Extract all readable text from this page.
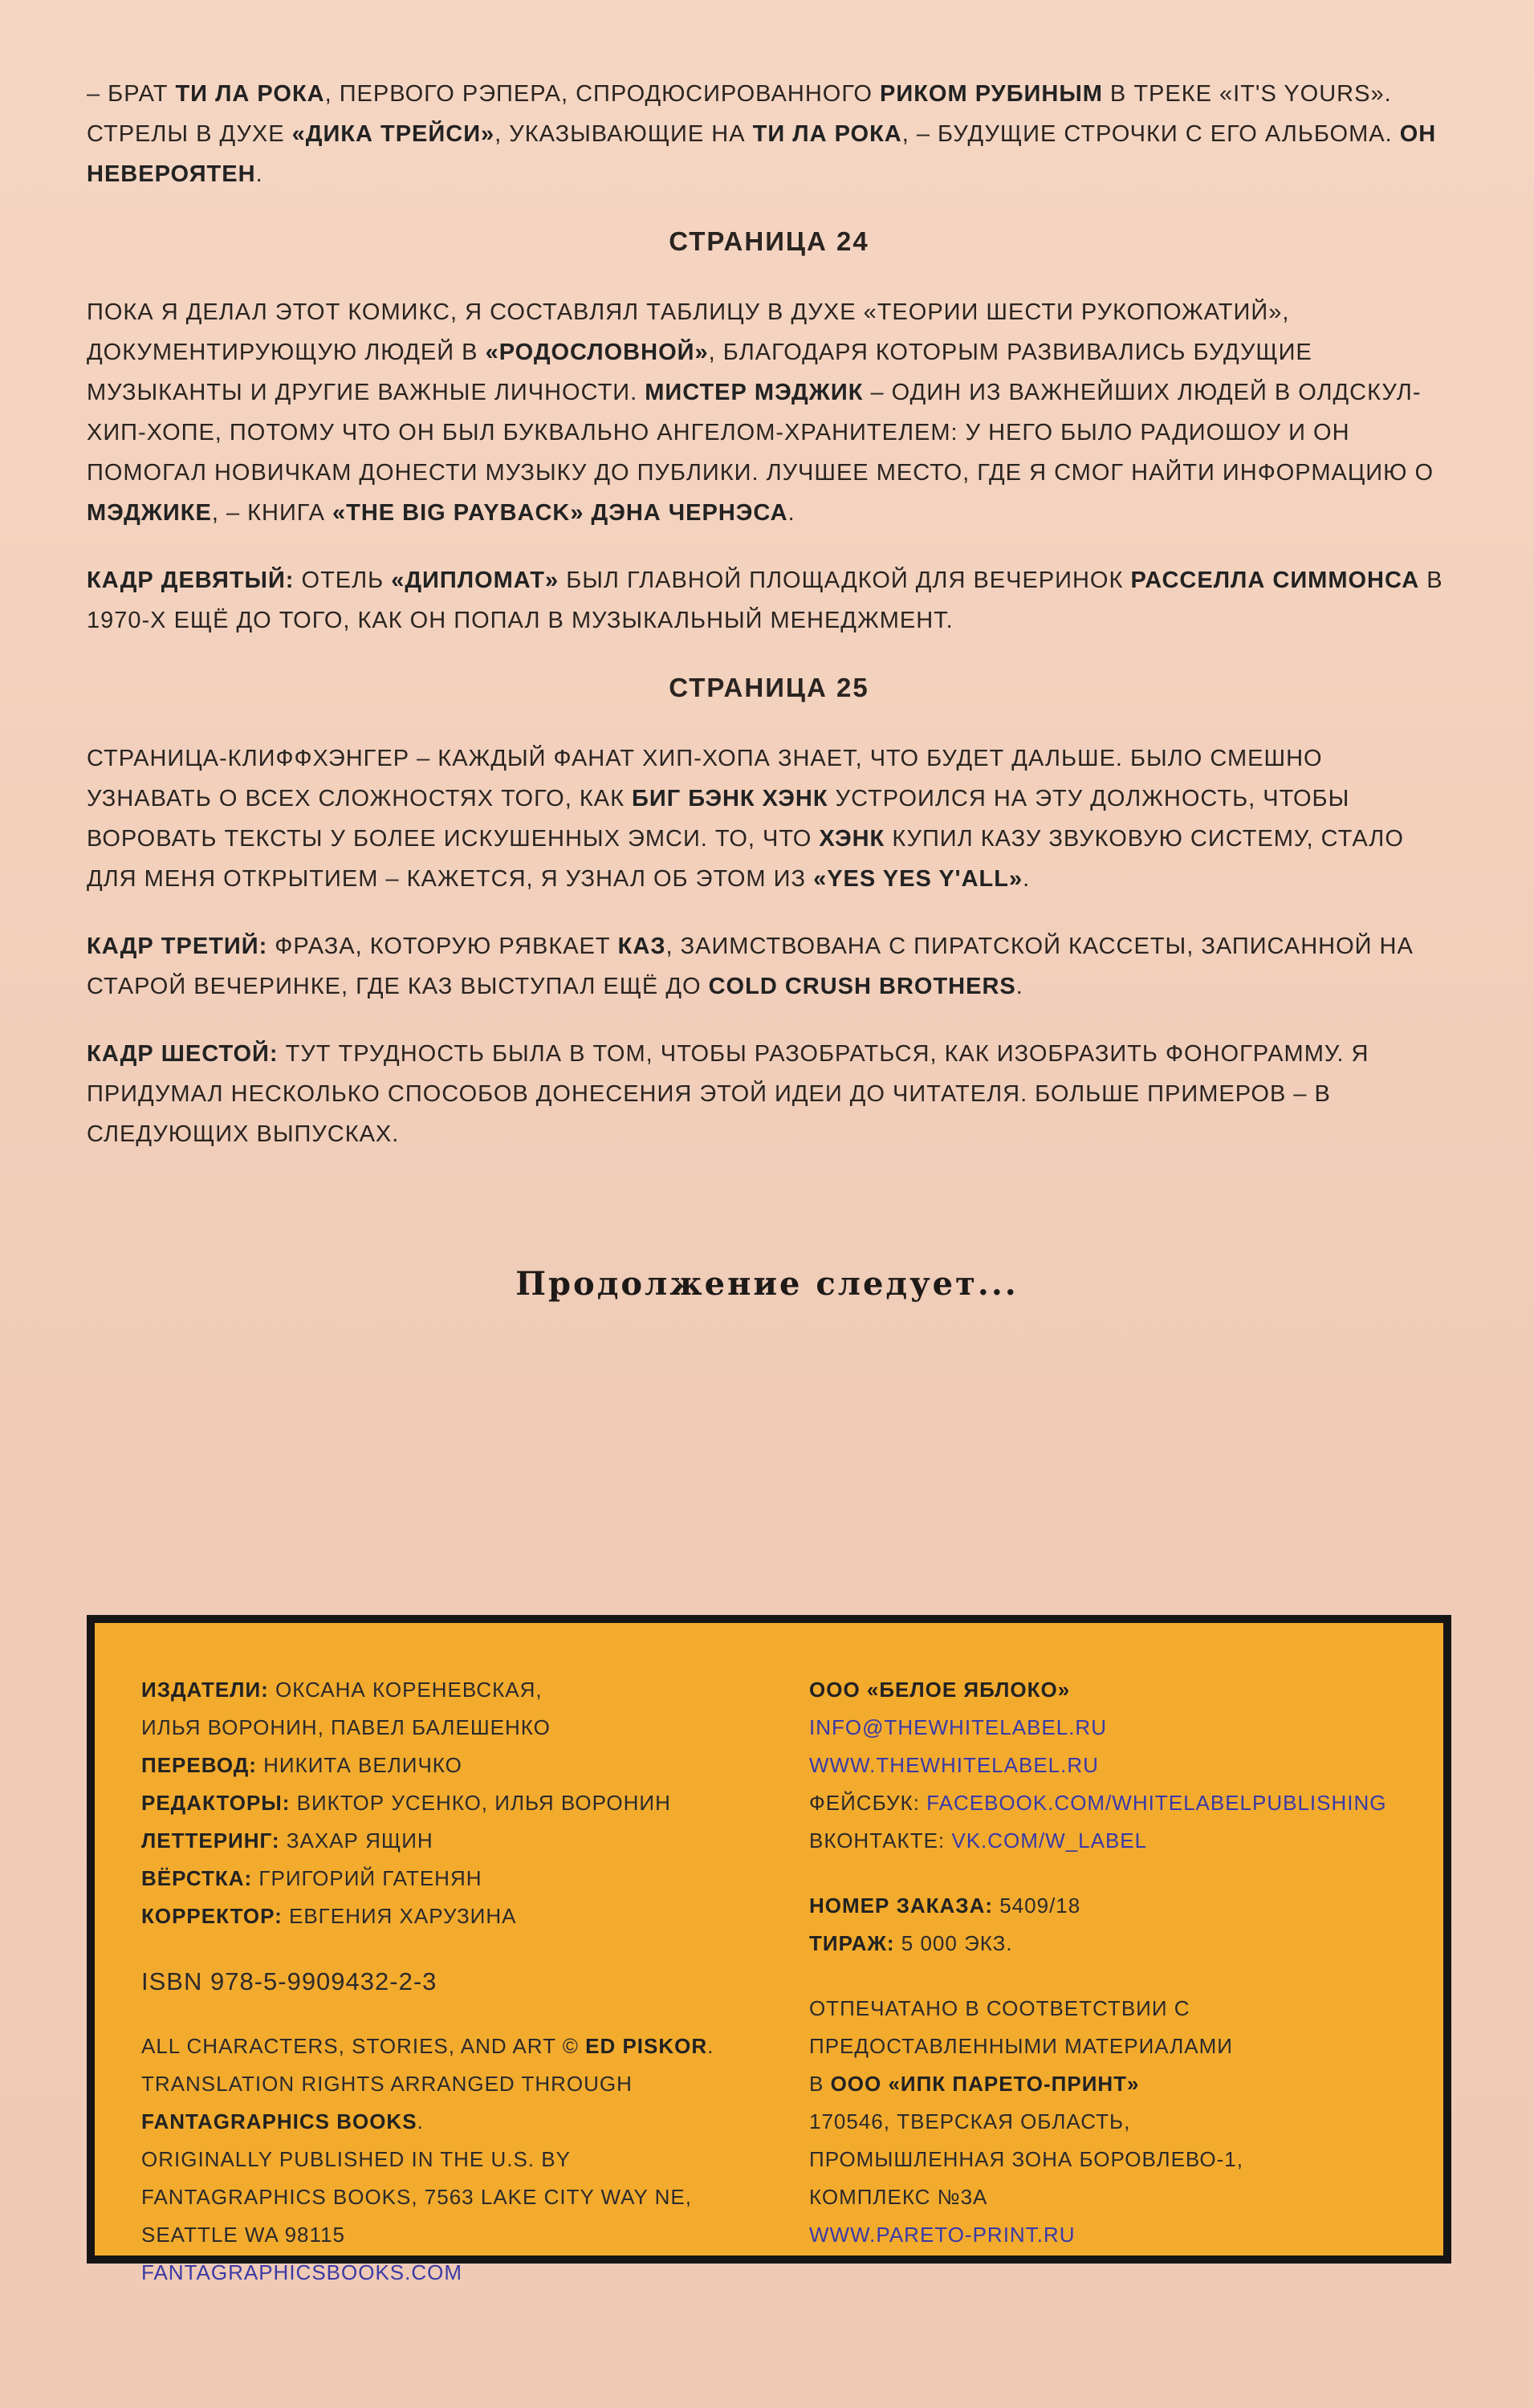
– БРАТ ТИ ЛА РОКА, ПЕРВОГО РЭПЕРА, СПРОДЮСИРОВАННОГО РИКОМ РУБИНЫМ В ТРЕКЕ «IT'S YOURS». СТРЕЛЫ В ДУХЕ «ДИКА ТРЕЙСИ», УКАЗЫВАЮЩИЕ НА ТИ ЛА РОКА, – БУДУЩИЕ СТРОЧКИ С ЕГО АЛЬБОМА. ОН НЕВЕРОЯТЕН.

СТРАНИЦА 24

ПОКА Я ДЕЛАЛ ЭТОТ КОМИКС, Я СОСТАВЛЯЛ ТАБЛИЦУ В ДУХЕ «ТЕОРИИ ШЕСТИ РУКОПОЖАТИЙ», ДОКУМЕНТИРУЮЩУЮ ЛЮДЕЙ В «РОДОСЛОВНОЙ», БЛАГОДАРЯ КОТОРЫМ РАЗВИВАЛИСЬ БУДУЩИЕ МУЗЫКАНТЫ И ДРУГИЕ ВАЖНЫЕ ЛИЧНОСТИ. МИСТЕР МЭДЖИК – ОДИН ИЗ ВАЖНЕЙШИХ ЛЮДЕЙ В ОЛДСКУЛ-ХИП-ХОПЕ, ПОТОМУ ЧТО ОН БЫЛ БУКВАЛЬНО АНГЕЛОМ-ХРАНИТЕЛЕМ: У НЕГО БЫЛО РАДИОШОУ И ОН ПОМОГАЛ НОВИЧКАМ ДОНЕСТИ МУЗЫКУ ДО ПУБЛИКИ. ЛУЧШЕЕ МЕСТО, ГДЕ Я СМОГ НАЙТИ ИНФОРМАЦИЮ О МЭДЖИКЕ, – КНИГА «THE BIG PAYBACK» ДЭНА ЧЕРНЭСА.

КАДР ДЕВЯТЫЙ: ОТЕЛЬ «ДИПЛОМАТ» БЫЛ ГЛАВНОЙ ПЛОЩАДКОЙ ДЛЯ ВЕЧЕРИНОК РАССЕЛЛА СИММОНСА В 1970-Х ЕЩЁ ДО ТОГО, КАК ОН ПОПАЛ В МУЗЫКАЛЬНЫЙ МЕНЕДЖМЕНТ.

СТРАНИЦА 25

СТРАНИЦА-КЛИФФХЭНГЕР – КАЖДЫЙ ФАНАТ ХИП-ХОПА ЗНАЕТ, ЧТО БУДЕТ ДАЛЬШЕ. БЫЛО СМЕШНО УЗНАВАТЬ О ВСЕХ СЛОЖНОСТЯХ ТОГО, КАК БИГ БЭНК ХЭНК УСТРОИЛСЯ НА ЭТУ ДОЛЖНОСТЬ, ЧТОБЫ ВОРОВАТЬ ТЕКСТЫ У БОЛЕЕ ИСКУШЕННЫХ ЭМСИ. ТО, ЧТО ХЭНК КУПИЛ КАЗУ ЗВУКОВУЮ СИСТЕМУ, СТАЛО ДЛЯ МЕНЯ ОТКРЫТИЕМ – КАЖЕТСЯ, Я УЗНАЛ ОБ ЭТОМ ИЗ «YES YES Y'ALL».

КАДР ТРЕТИЙ: ФРАЗА, КОТОРУЮ РЯВКАЕТ КАЗ, ЗАИМСТВОВАНА С ПИРАТСКОЙ КАССЕТЫ, ЗАПИСАННОЙ НА СТАРОЙ ВЕЧЕРИНКЕ, ГДЕ КАЗ ВЫСТУПАЛ ЕЩЁ ДО COLD CRUSH BROTHERS.

КАДР ШЕСТОЙ: ТУТ ТРУДНОСТЬ БЫЛА В ТОМ, ЧТОБЫ РАЗОБРАТЬСЯ, КАК ИЗОБРАЗИТЬ ФОНОГРАММУ. Я ПРИДУМАЛ НЕСКОЛЬКО СПОСОБОВ ДОНЕСЕНИЯ ЭТОЙ ИДЕИ ДО ЧИТАТЕЛЯ. БОЛЬШЕ ПРИМЕРОВ – В СЛЕДУЮЩИХ ВЫПУСКАХ.

Продолжение следует...
ИЗДАТЕЛИ: ОКСАНА КОРЕНЕВСКАЯ,
ИЛЬЯ ВОРОНИН, ПАВЕЛ БАЛЕШЕНКО
ПЕРЕВОД: НИКИТА ВЕЛИЧКО
РЕДАКТОРЫ: ВИКТОР УСЕНКО, ИЛЬЯ ВОРОНИН
ЛЕТТЕРИНГ: ЗАХАР ЯЩИН
ВЁРСТКА: ГРИГОРИЙ ГАТЕНЯН
КОРРЕКТОР: ЕВГЕНИЯ ХАРУЗИНА
ISBN 978-5-9909432-2-3
ALL CHARACTERS, STORIES, AND ART © ED PISKOR.
TRANSLATION RIGHTS ARRANGED THROUGH
FANTAGRAPHICS BOOKS.
ORIGINALLY PUBLISHED IN THE U.S. BY
FANTAGRAPHICS BOOKS, 7563 LAKE CITY WAY NE,
SEATTLE WA 98115
FANTAGRAPHICSBOOKS.COM
ООО «БЕЛОЕ ЯБЛОКО»
INFO@THEWHITELABEL.RU
WWW.THEWHITELABEL.RU
ФЕЙСБУК: FACEBOOK.COM/WHITELABELPUBLISHING
ВКОНТАКТЕ: VK.COM/W_LABEL
НОМЕР ЗАКАЗА: 5409/18
ТИРАЖ: 5 000 ЭКЗ.
ОТПЕЧАТАНО В СООТВЕТСТВИИ С
ПРЕДОСТАВЛЕННЫМИ МАТЕРИАЛАМИ
В ООО «ИПК ПАРЕТО-ПРИНТ»
170546, ТВЕРСКАЯ ОБЛАСТЬ,
ПРОМЫШЛЕННАЯ ЗОНА БОРОВЛЕВО-1,
КОМПЛЕКС №3А
WWW.PARETO-PRINT.RU
